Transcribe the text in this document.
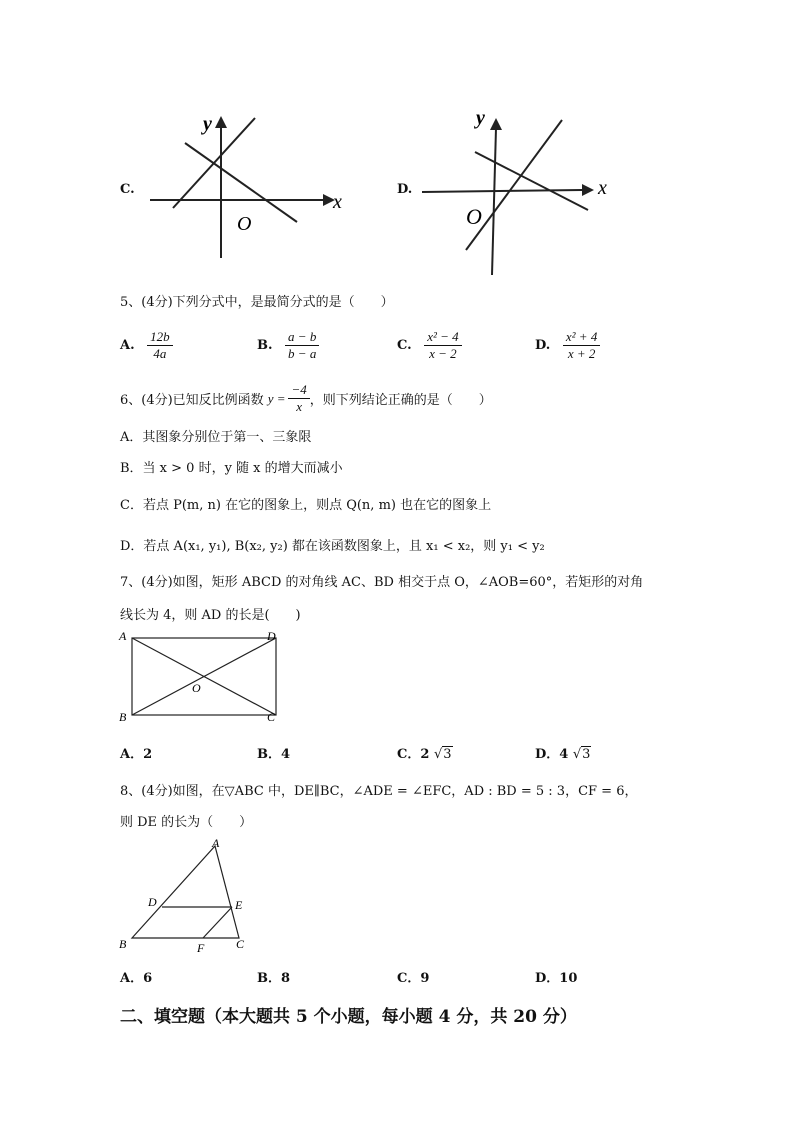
C.
y
x
O
D.
y
x
O
5、(4分)下列分式中，是最简分式的是（　　）
A. $\frac{12b}{4a}$	B. $\frac{a - b}{b - a}$	C. $\frac{\text{x² − 4}}{x - 2}$	D. $\frac{\text{x² + 4}}{x + 2}$
6、(4分)已知反比例函数 $y = \frac{-4}{x}$ ，则下列结论正确的是（　　）
A．其图象分别位于第一、三象限
B．当 x > 0 时，y 随 x 的增大而减小
C．若点 P(m, n) 在它的图象上，则点 Q(n, m) 也在它的图象上
D．若点 A(x₁, y₁), B(x₂, y₂) 都在该函数图象上，且 x₁ < x₂，则 y₁ < y₂
7、(4分)如图，矩形 ABCD 的对角线 AC、BD 相交于点 O，∠AOB=60°，若矩形的对角
线长为 4，则 AD 的长是(　　)
A
B	C
D
O
A．2	B．4	C．2 √3	D．4 √3
8、(4分)如图，在▽ABC 中，DE∥BC，∠ADE = ∠EFC，AD : BD = 5 : 3，CF = 6，
则 DE 的长为（　　）
A
B	C
D	E
F
A．6	B．8	C．9	D．10
二、填空题（本大题共 5 个小题，每小题 4 分，共 20 分）
